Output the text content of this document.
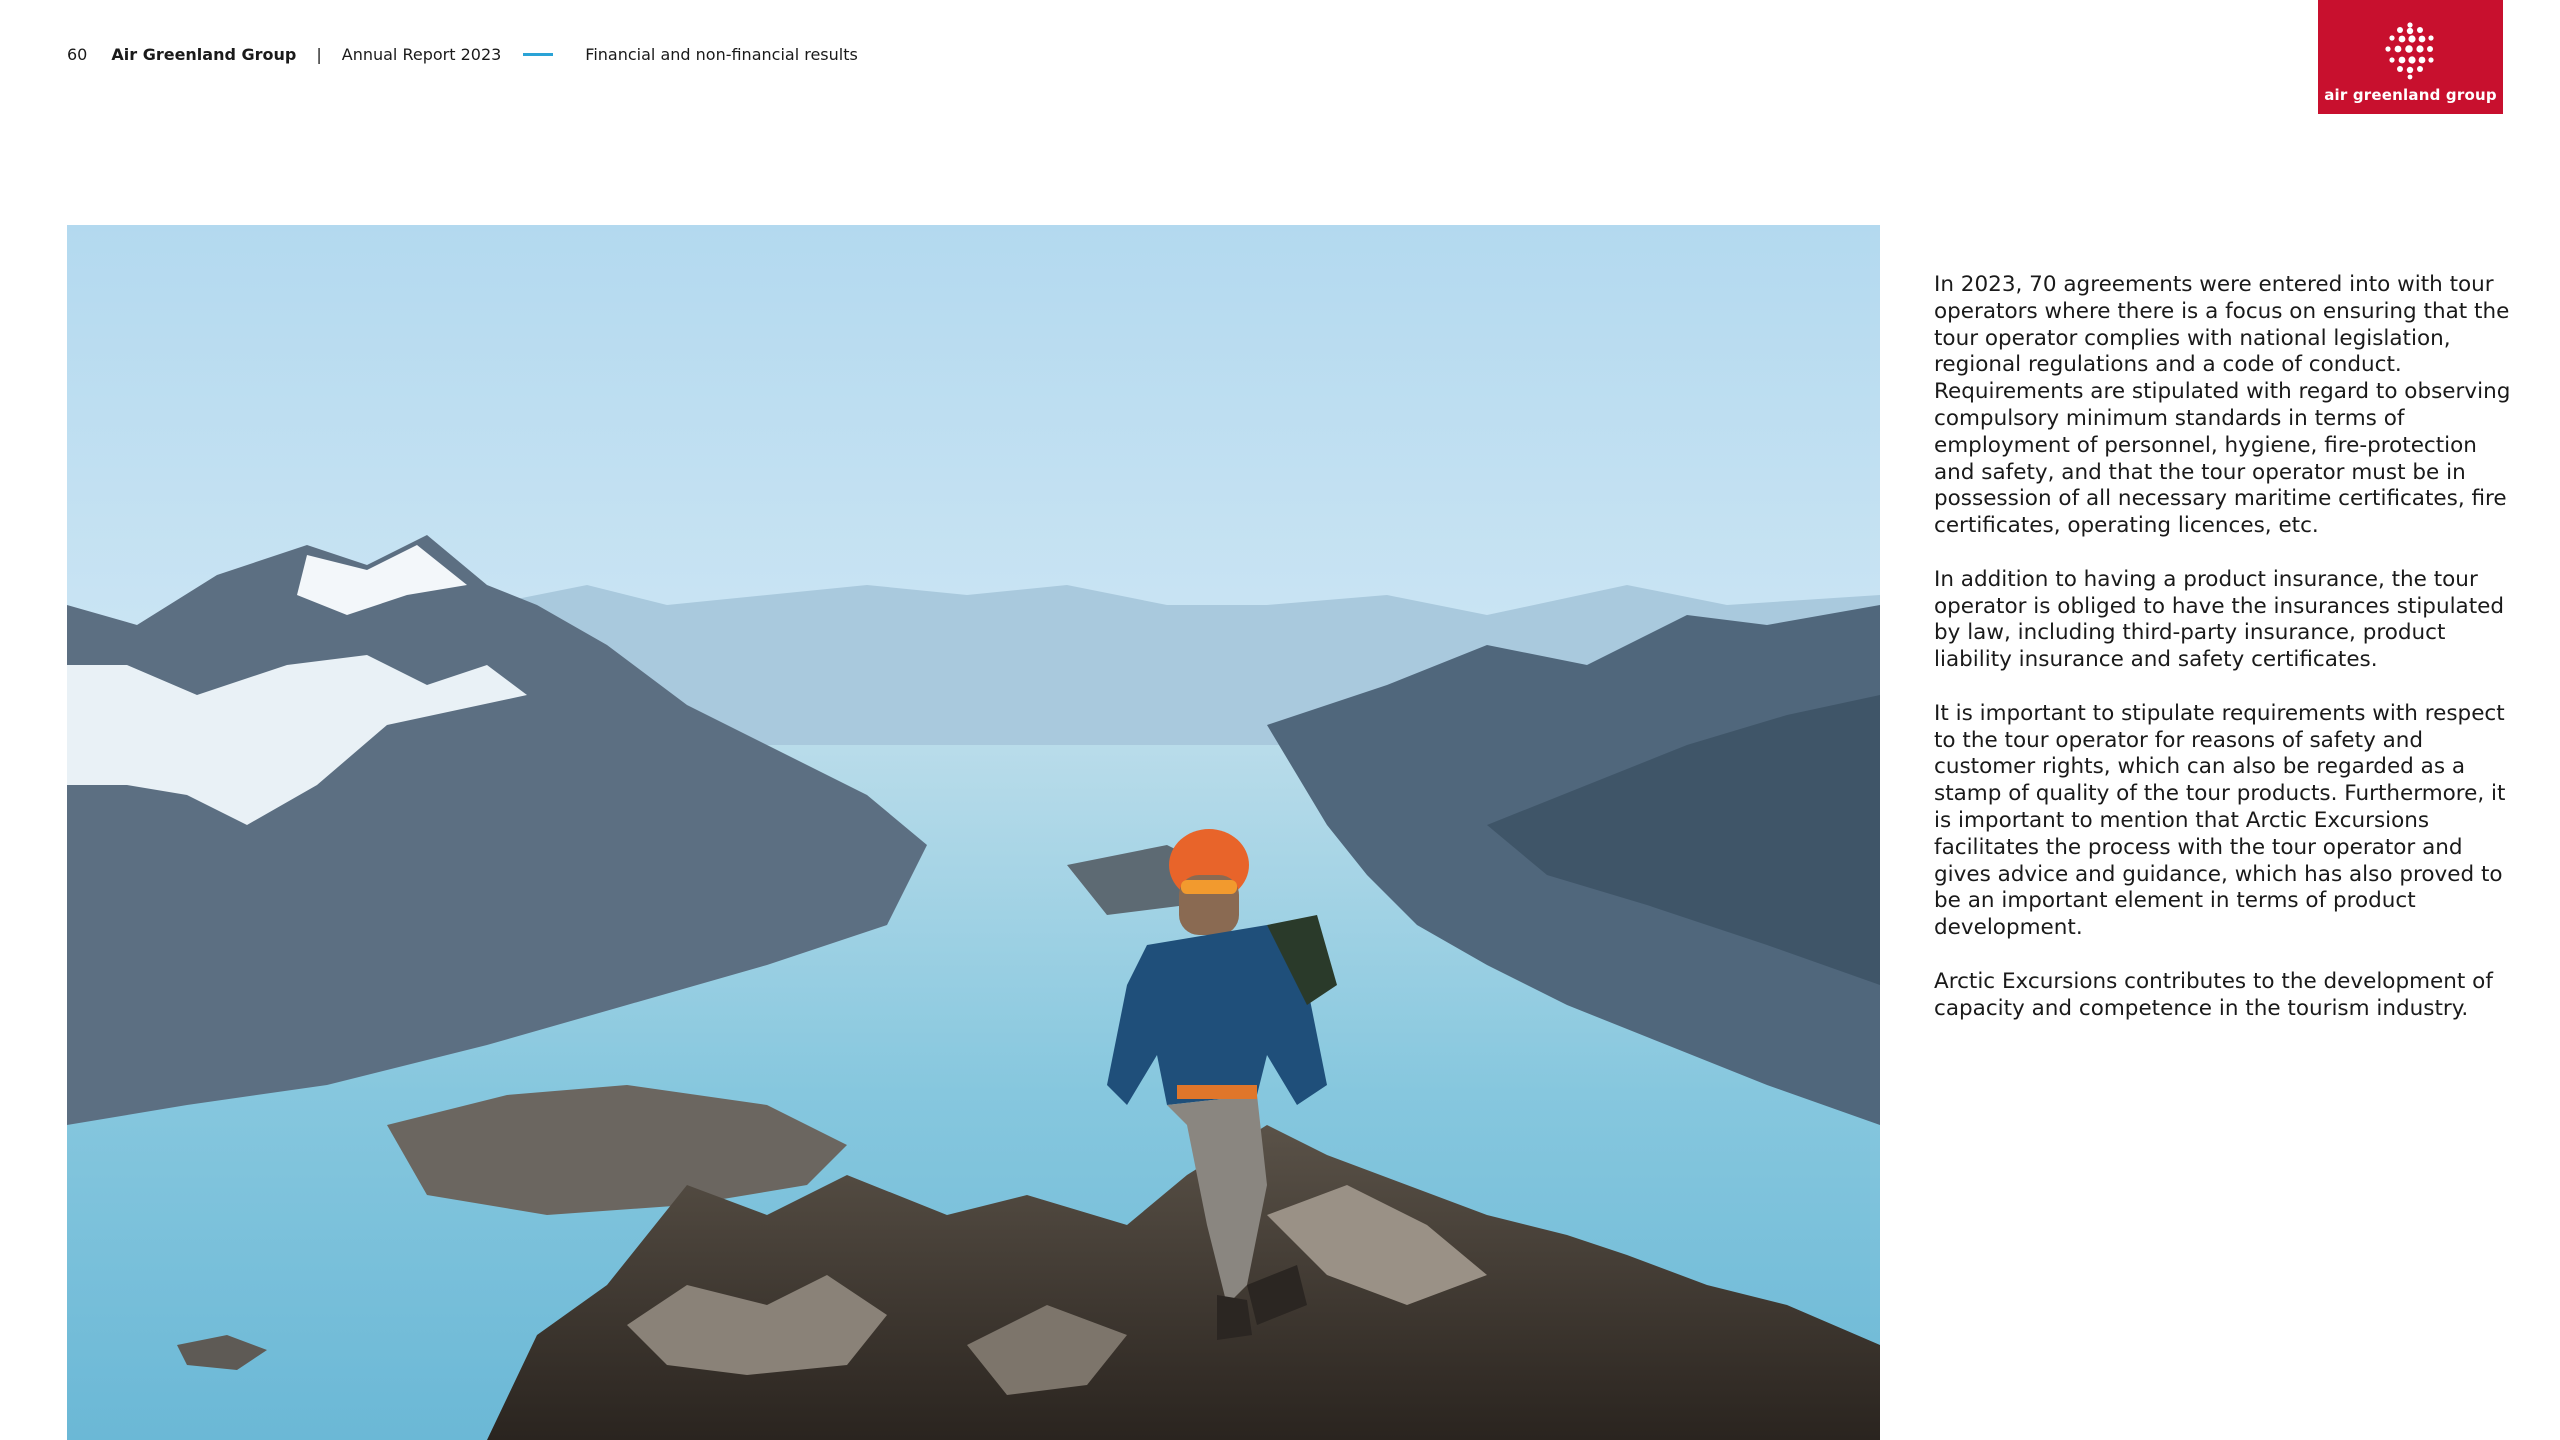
60 Air Greenland Group | Annual Report 2023	Financial and non-financial results
air greenland group

In 2023, 70 agreements were entered into with tour operators where there is a focus on ensuring that the tour operator complies with national legislation, regional regulations and a code of conduct. Requirements are stipulated with regard to observing compulsory minimum standards in terms of employment of personnel, hygiene, fire-protection and safety, and that the tour operator must be in possession of all necessary maritime certificates, fire certificates, operating licences, etc.

In addition to having a product insurance, the tour operator is obliged to have the insurances stipulated by law, including third-party insurance, product liability insurance and safety certificates.

It is important to stipulate requirements with respect to the tour operator for reasons of safety and customer rights, which can also be regarded as a stamp of quality of the tour products. Furthermore, it is important to mention that Arctic Excursions facilitates the process with the tour operator and gives advice and guidance, which has also proved to be an important element in terms of product development.

Arctic Excursions contributes to the development of capacity and competence in the tourism industry.
